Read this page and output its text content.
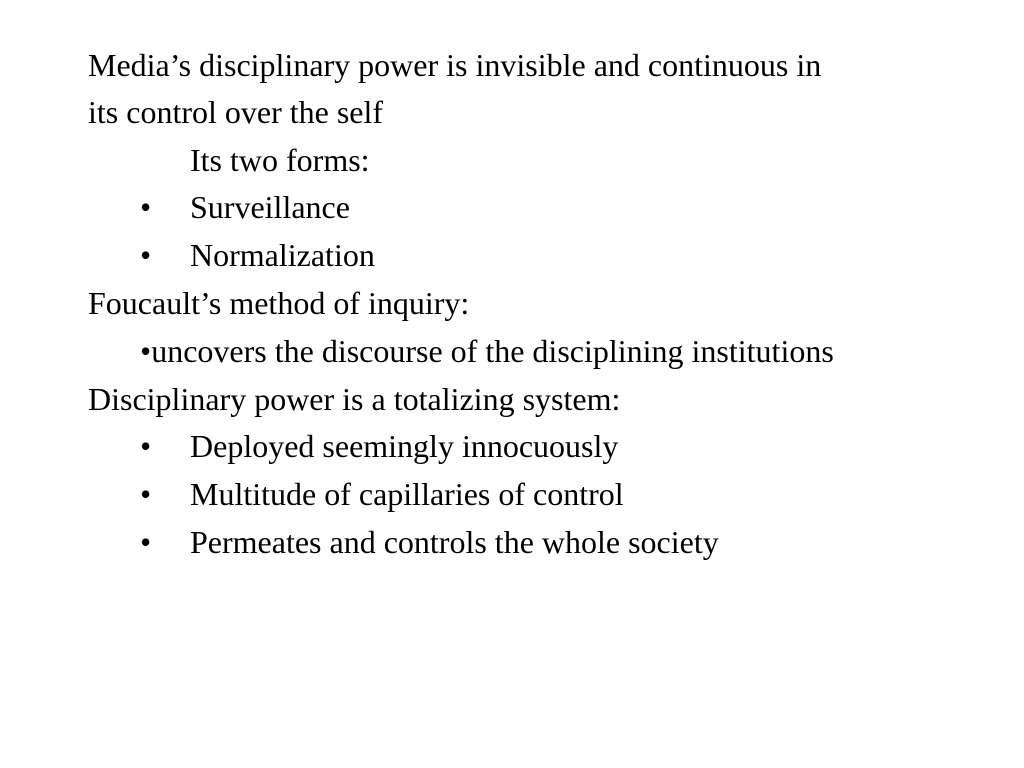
Media’s disciplinary power is invisible and continuous in
its control over the self
Its two forms:
• Surveillance
• Normalization
Foucault’s method of inquiry:
•uncovers the discourse of the disciplining institutions
Disciplinary power is a totalizing system:
• Deployed seemingly innocuously
• Multitude of capillaries of control
• Permeates and controls the whole society
